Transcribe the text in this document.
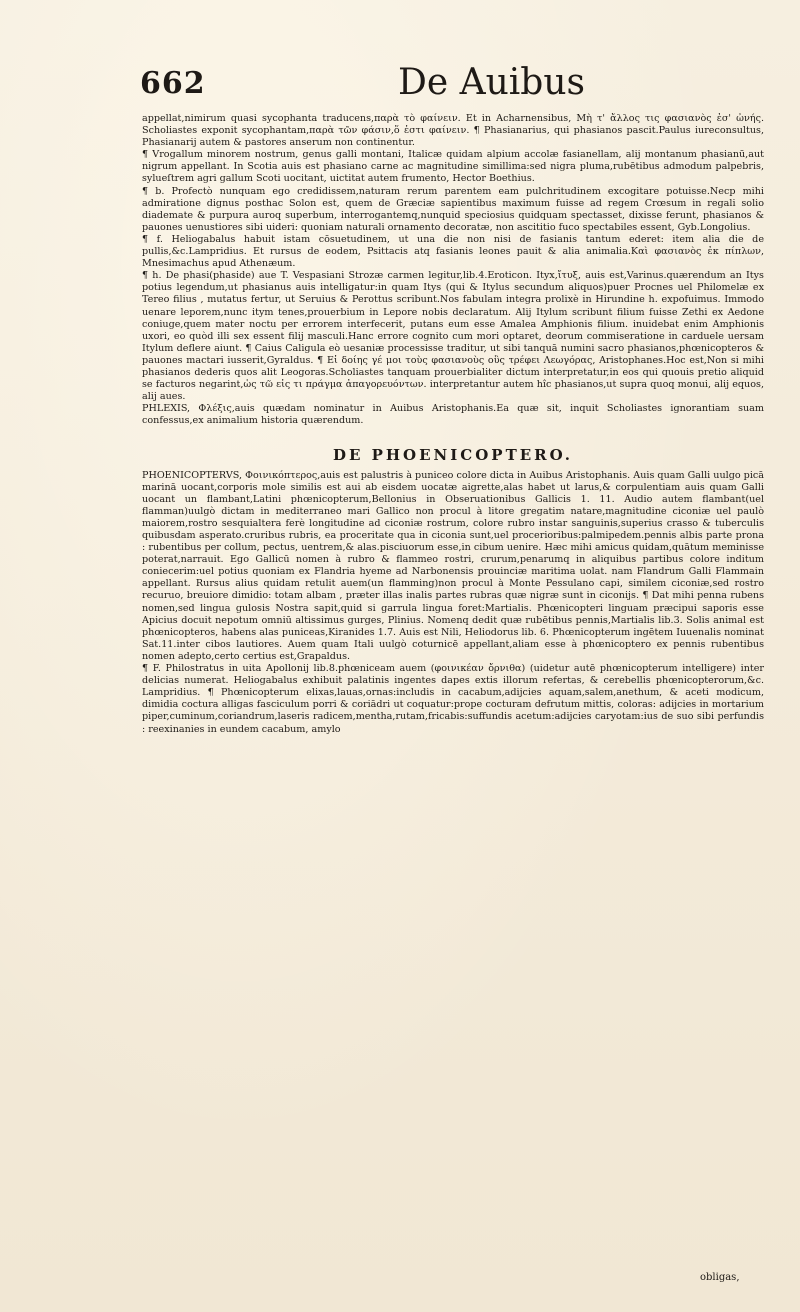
662	De Auibus

appellat,nimirum quasi sycophanta traducens,παρὰ τὸ φαίνειν. Et in Acharnensibus, Μὴ τ' ἄλλος τις φασιανὸς ἐσ' ὠνής. Scholiastes exponit sycophantam,παρὰ τῶν φάσιν,ὅ ἐστι φαίνειν. ¶ Phasianarius, qui phasianos pascit.Paulus iureconsultus, Phasianarij autem & pastores anserum non continentur.

¶ Vrogallum minorem nostrum, genus galli montani, Italicæ quidam alpium accolæ fasianellam, alij montanum phasianū,aut nigrum appellant. In Scotia auis est phasiano carne ac magnitudine simillima:sed nigra pluma,rubētibus admodum palpebris, sylueſtrem agri gallum Scoti uocitant, uictitat autem frumento, Hector Boethius.

¶ b. Profectò nunquam ego credidissem,naturam rerum parentem eam pulchritudinem excogitare potuisse.Necp mihi admiratione dignus posthac Solon est, quem de Græciæ sapientibus maximum fuisse ad regem Crœsum in regali solio diademate & purpura auroq superbum, interrogantemq,nunquid speciosius quidquam spectasset, dixisse ferunt, phasianos & pauones uenustiores sibi uideri: quoniam naturali ornamento decoratæ, non ascititio fuco spectabiles essent, Gyb.Longolius.

¶ f. Heliogabalus habuit istam cōsuetudinem, ut una die non nisi de fasianis tantum ederet: item alia die de pullis,&c.Lampridius. Et rursus de eodem, Psittacis atq fasianis leones pauit & alia animalia.Καὶ φασιανὸς ἐκ πίπλων, Mnesimachus apud Athenæum.

¶ h. De phasi(phaside) aue T. Vespasiani Strozæ carmen legitur,lib.4.Eroticon. Ityx,ἴτυξ, auis est,Varinus.quærendum an Itys potius legendum,ut phasianus auis intelligatur:in quam Itys (qui & Itylus secundum aliquos)puer Procnes uel Philomelæ ex Tereo filius , mutatus fertur, ut Seruius & Perottus scribunt.Nos fabulam integra prolixè in Hirundine h. expofuimus. Immodo uenare leporem,nunc itym tenes,prouerbium in Lepore nobis declaratum. Alij Itylum scribunt filium fuisse Zethi ex Aedone coniuge,quem mater noctu per errorem interfecerit, putans eum esse Amalea Amphionis filium. inuidebat enim Amphionis uxori, eo quòd illi sex essent filij masculi.Hanc errore cognito cum mori optaret, deorum commiseratione in carduele uersam Itylum deflere aiunt. ¶ Caius Caligula eò uesaniæ processisse traditur, ut sibi tanquā numini sacro phasianos,phœnicopteros & pauones mactari iusserit,Gyraldus. ¶ Εἰ δοίης γέ μοι τοὺς φασιανοὺς οὓς τρέφει Λεωγόρας, Aristophanes.Hoc est,Non si mihi phasianos dederis quos alit Leogoras.Scholiastes tanquam prouerbialiter dictum interpretatur,in eos qui quouis pretio aliquid se facturos negarint,ὡς τῶ εἰς τι πράγμα ἀπαγορευόντων. interpretantur autem hîc phasianos,ut supra quoq monui, alij equos, alij aues.

PHLEXIS, Φλέξις,auis quædam nominatur in Auibus Aristophanis.Ea quæ sit, inquit Scholiastes ignorantiam suam confessus,ex animalium historia quærendum.

DE PHOENICOPTERO.

PHOENICOPTERVS, Φοινικόπτερος,auis est palustris à puniceo colore dicta in Auibus Aristophanis. Auis quam Galli uulgo picā marinā uocant,corporis mole similis est aui ab eisdem uocatæ aigrette,alas habet ut larus,& corpulentiam auis quam Galli uocant un flambant,Latini phœnicopterum,Bellonius in Obseruationibus Gallicis 1. 11. Audio autem flambant(uel flamman)uulgò dictam in mediterraneo mari Gallico non procul à litore gregatim natare,magnitudine ciconiæ uel paulò maiorem,rostro sesquialtera ferè longitudine ad ciconiæ rostrum, colore rubro instar sanguinis,superius crasso & tuberculis quibusdam asperato.cruribus rubris, ea proceritate qua in ciconia sunt,uel procerioribus:palmipedem.pennis albis parte prona : rubentibus per collum, pectus, uentrem,& alas.pisciuorum esse,in cibum uenire. Hæc mihi amicus quidam,quātum meminisse poterat,narrauit. Ego Gallicū nomen à rubro & flammeo rostri, crurum,penarumq in aliquibus partibus colore inditum coniecerim:uel potius quoniam ex Flandria hyeme ad Narbonensis prouinciæ maritima uolat. nam Flandrum Galli Flammain appellant. Rursus alius quidam retulit auem(un flamming)non procul à Monte Pessulano capi, similem ciconiæ,sed rostro recuruo, breuiore dimidio: totam albam , præter illas inalis partes rubras quæ nigræ sunt in ciconijs. ¶ Dat mihi penna rubens nomen,sed lingua gulosis Nostra sapit,quid si garrula lingua foret:Martialis. Phœnicopteri linguam præcipui saporis esse Apicius docuit nepotum omniū altissimus gurges, Plinius. Nomenq dedit quæ rubētibus pennis,Martialis lib.3. Solis animal est phœnicopteros, habens alas puniceas,Kiranides 1.7. Auis est Nili, Heliodorus lib. 6. Phœnicopterum ingētem Iuuenalis nominat Sat.11.inter cibos lautiores. Auem quam Itali uulgò coturnicē appellant,aliam esse à phœnicoptero ex pennis rubentibus nomen adepto,certo certius est,Grapaldus.

¶ F. Philostratus in uita Apollonij lib.8.phœniceam auem (φοινικέαν ὄρνιθα) (uidetur autē phœnicopterum intelligere) inter delicias numerat. Heliogabalus exhibuit palatinis ingentes dapes extis illorum refertas, & cerebellis phœnicopterorum,&c. Lampridius. ¶ Phœnicopterum elixas,lauas,ornas:includis in cacabum,adijcies aquam,salem,anethum, & aceti modicum, dimidia coctura alligas fasciculum porri & coriādri ut coquatur:prope cocturam defrutum mittis, coloras: adijcies in mortarium piper,cuminum,coriandrum,laseris radicem,mentha,rutam,fricabis:suffundis acetum:adijcies caryotam:ius de suo sibi perfundis : reexinanies in eundem cacabum, amylo

obligas,
